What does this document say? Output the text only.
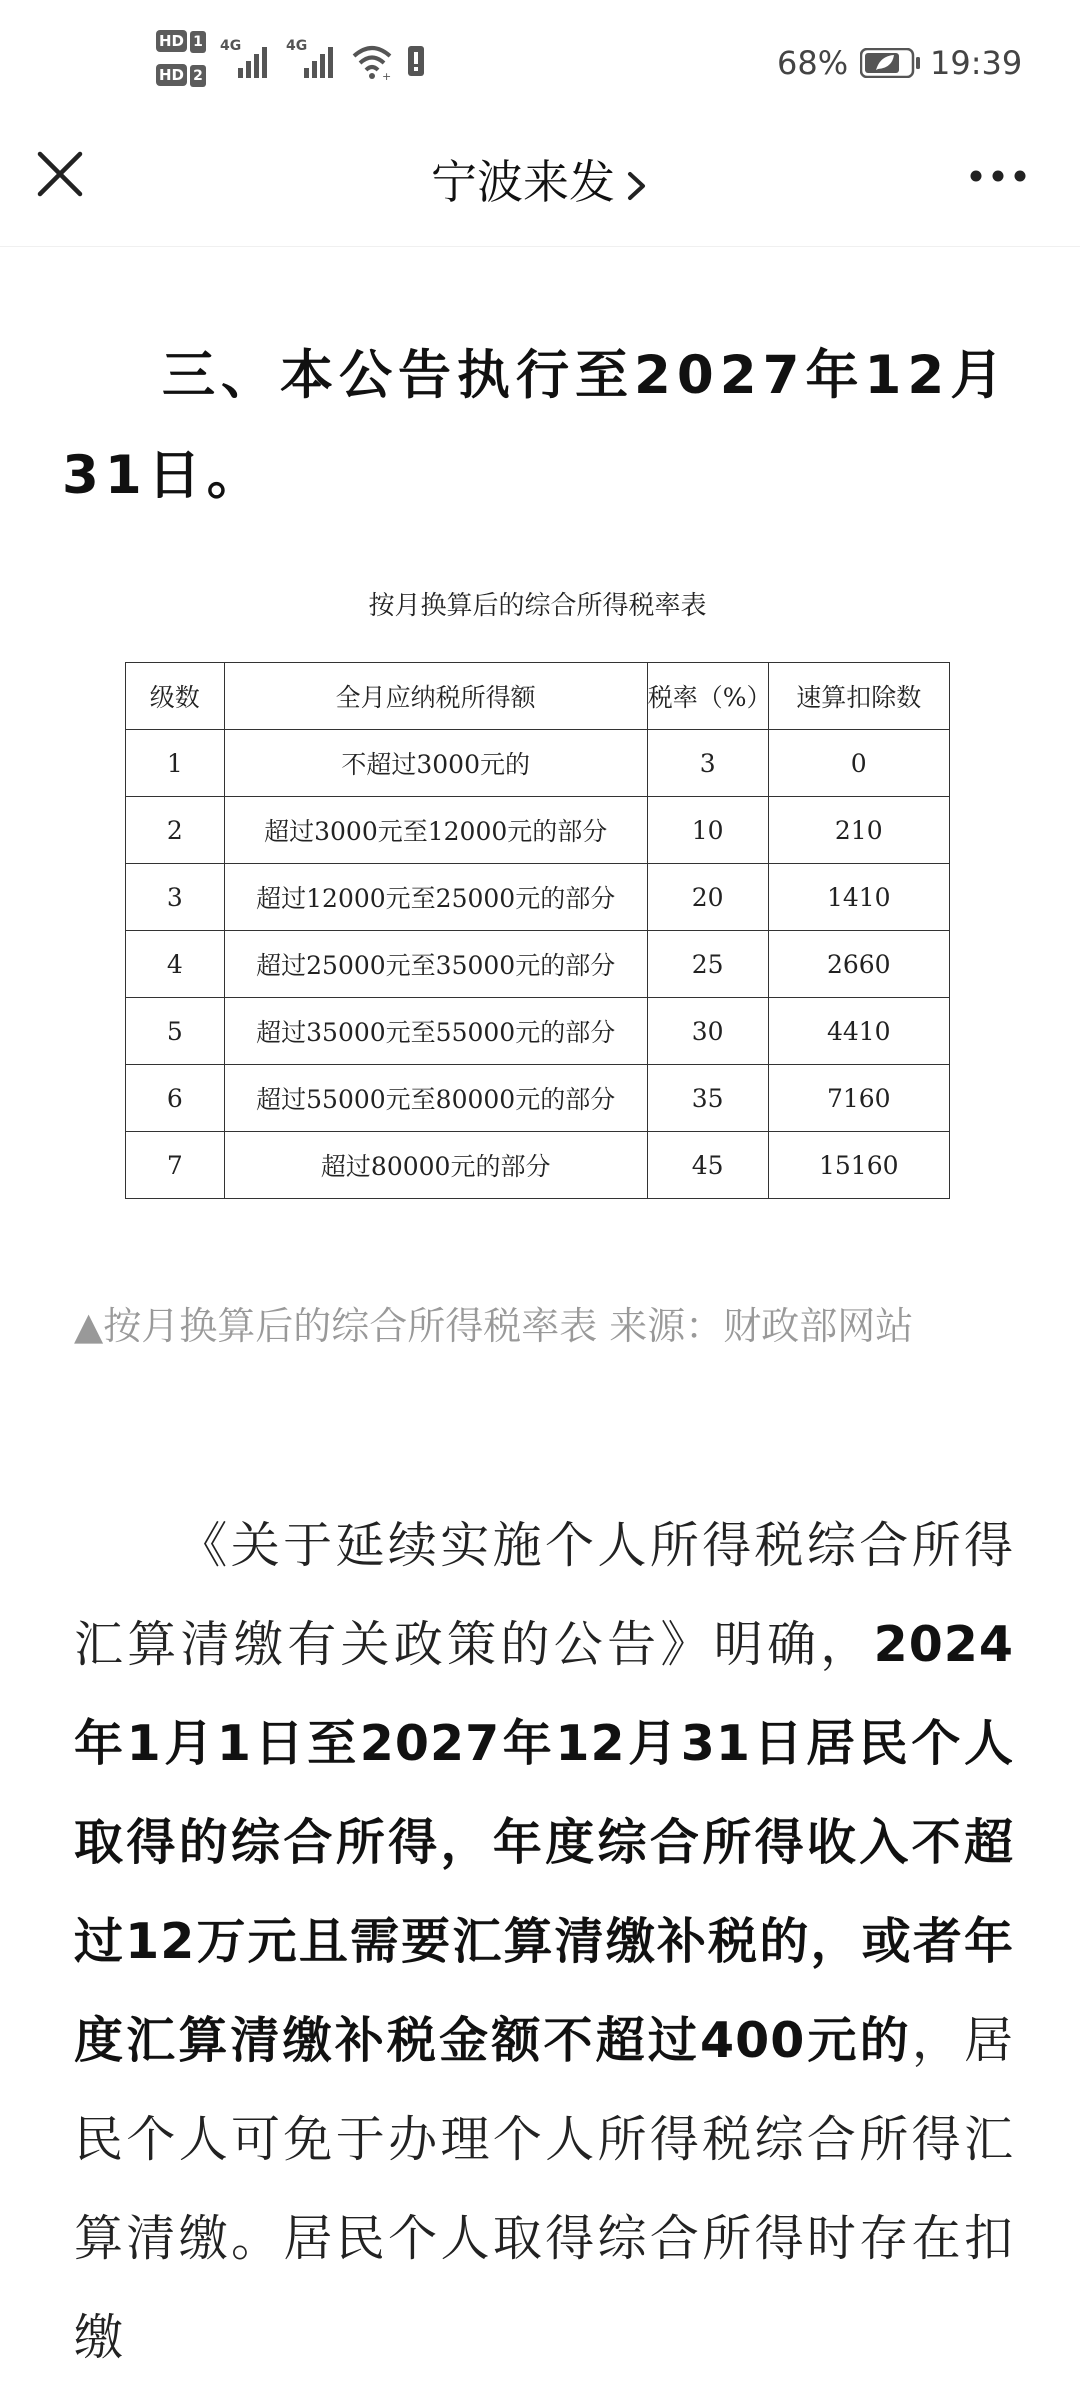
HD 1
HD 2
4G	4G
+	68%	19:39
宁波来发
三、本公告执行至2027年12月31日。
按月换算后的综合所得税率表
级数	全月应纳税所得额	税率（%）	速算扣除数
1	不超过3000元的	3	0
2	超过3000元至12000元的部分	10	210
3	超过12000元至25000元的部分	20	1410
4	超过25000元至35000元的部分	25	2660
5	超过35000元至55000元的部分	30	4410
6	超过55000元至80000元的部分	35	7160
7	超过80000元的部分	45	15160
▲按月换算后的综合所得税率表 来源：财政部网站
《关于延续实施个人所得税综合所得汇算清缴有关政策的公告》明确，2024年1月1日至2027年12月31日居民个人取得的综合所得，年度综合所得收入不超过12万元且需要汇算清缴补税的，或者年度汇算清缴补税金额不超过400元的，居民个人可免于办理个人所得税综合所得汇算清缴。居民个人取得综合所得时存在扣缴
